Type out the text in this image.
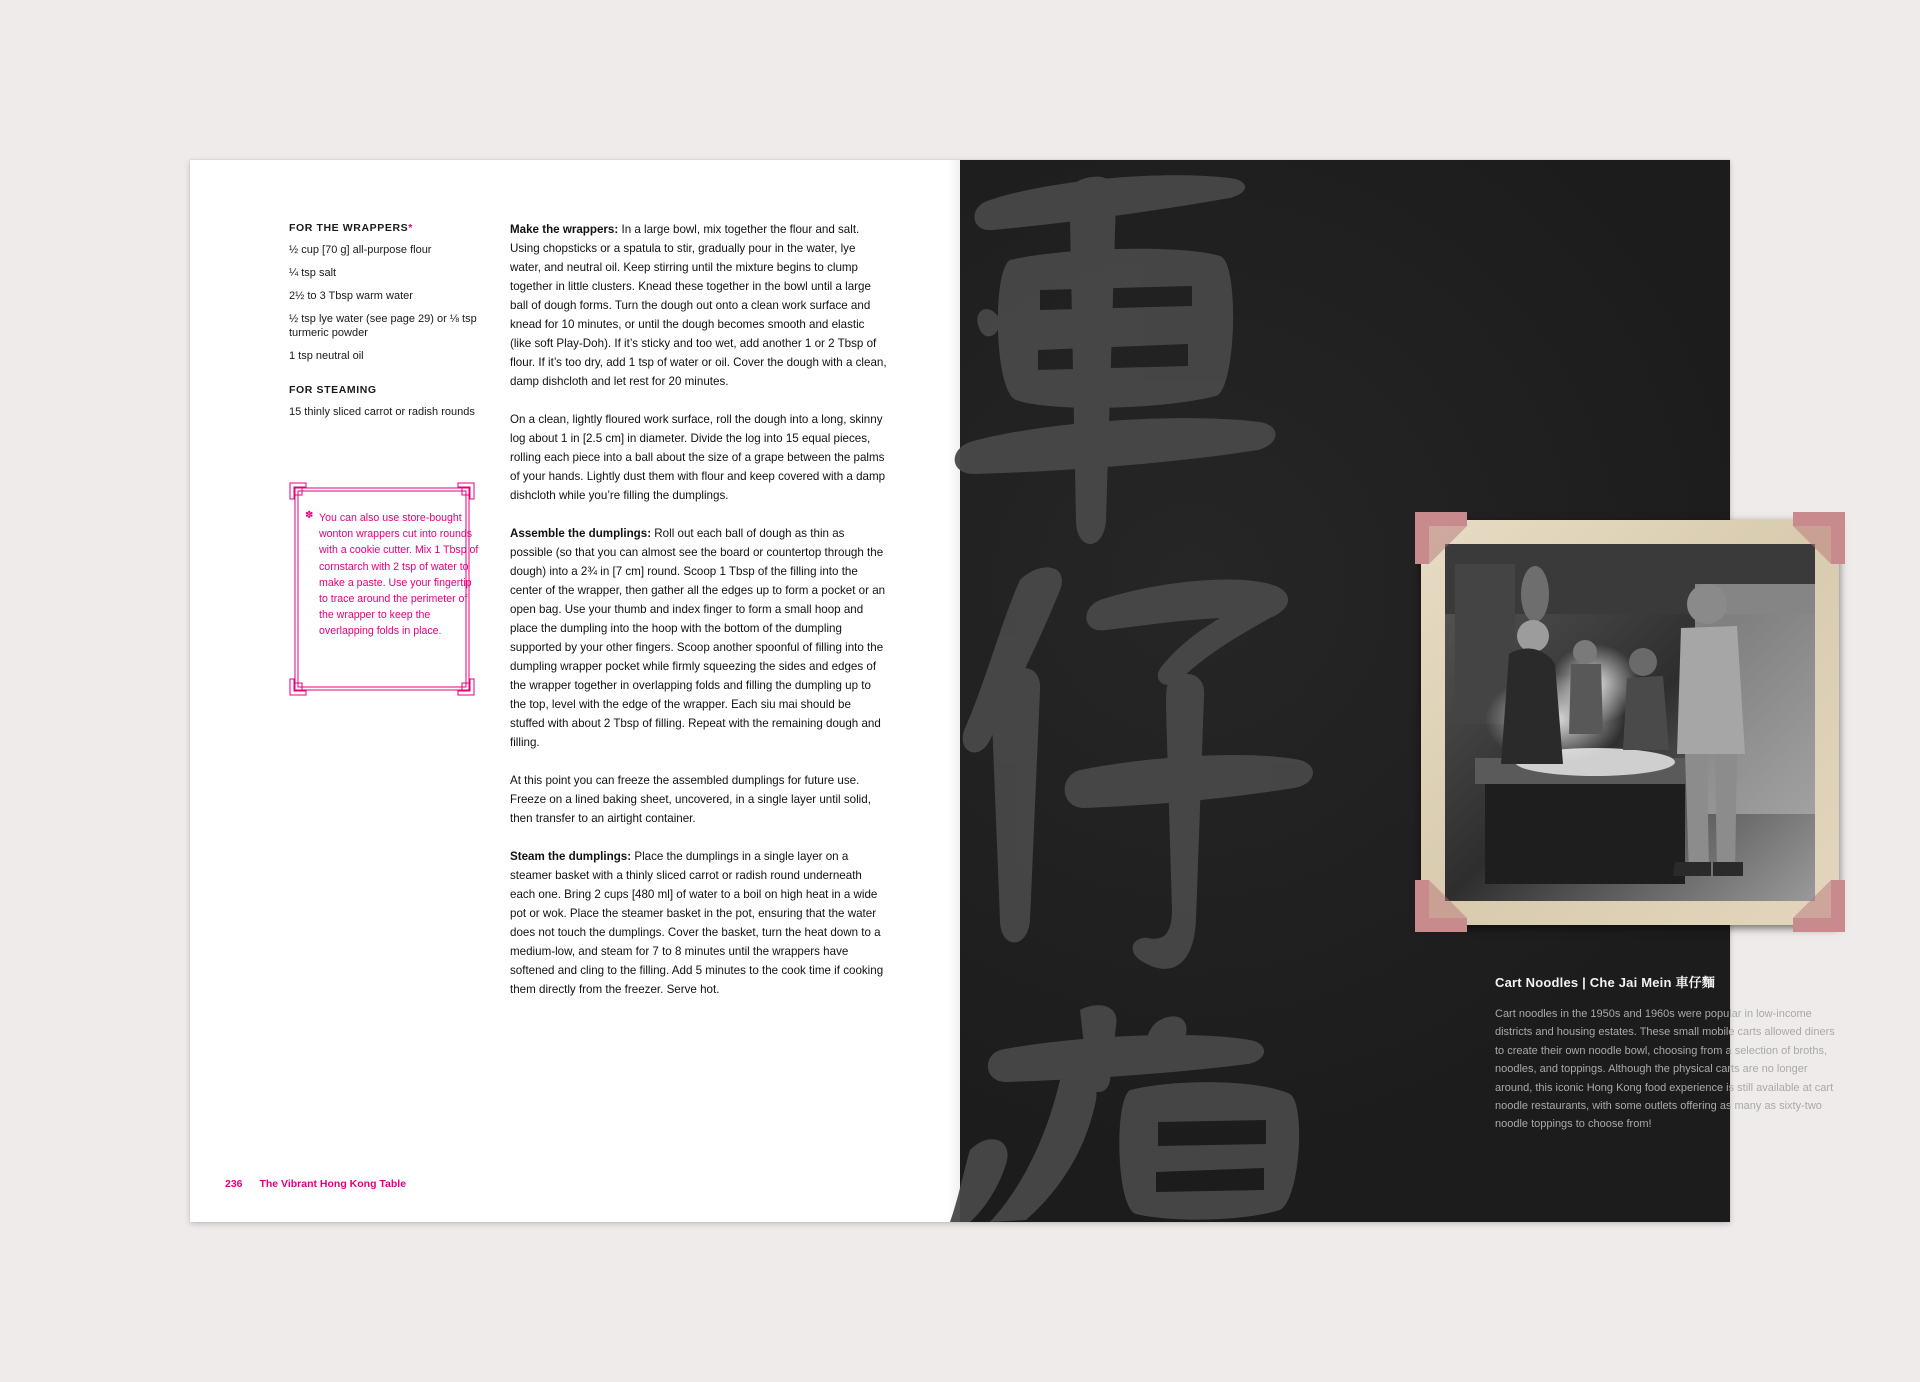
FOR THE WRAPPERS*
½ cup [70 g] all-purpose flour
¼ tsp salt
2½ to 3 Tbsp warm water
½ tsp lye water (see page 29) or ⅛ tsp turmeric powder
1 tsp neutral oil
FOR STEAMING
15 thinly sliced carrot or radish rounds
✽ You can also use store-bought wonton wrappers cut into rounds with a cookie cutter. Mix 1 Tbsp of cornstarch with 2 tsp of water to make a paste. Use your fingertip to trace around the perimeter of the wrapper to keep the overlapping folds in place.

Make the wrappers: In a large bowl, mix together the flour and salt. Using chopsticks or a spatula to stir, gradually pour in the water, lye water, and neutral oil. Keep stirring until the mixture begins to clump together in little clusters. Knead these together in the bowl until a large ball of dough forms. Turn the dough out onto a clean work surface and knead for 10 minutes, or until the dough becomes smooth and elastic (like soft Play-Doh). If it’s sticky and too wet, add another 1 or 2 Tbsp of flour. If it’s too dry, add 1 tsp of water or oil. Cover the dough with a clean, damp dishcloth and let rest for 20 minutes.

On a clean, lightly floured work surface, roll the dough into a long, skinny log about 1 in [2.5 cm] in diameter. Divide the log into 15 equal pieces, rolling each piece into a ball about the size of a grape between the palms of your hands. Lightly dust them with flour and keep covered with a damp dishcloth while you’re filling the dumplings.

Assemble the dumplings: Roll out each ball of dough as thin as possible (so that you can almost see the board or countertop through the dough) into a 2¾ in [7 cm] round. Scoop 1 Tbsp of the filling into the center of the wrapper, then gather all the edges up to form a pocket or an open bag. Use your thumb and index finger to form a small hoop and place the dumpling into the hoop with the bottom of the dumpling supported by your other fingers. Scoop another spoonful of filling into the dumpling wrapper pocket while firmly squeezing the sides and edges of the wrapper together in overlapping folds and filling the dumpling up to the top, level with the edge of the wrapper. Each siu mai should be stuffed with about 2 Tbsp of filling. Repeat with the remaining dough and filling.

At this point you can freeze the assembled dumplings for future use. Freeze on a lined baking sheet, uncovered, in a single layer until solid, then transfer to an airtight container.

Steam the dumplings: Place the dumplings in a single layer on a steamer basket with a thinly sliced carrot or radish round underneath each one. Bring 2 cups [480 ml] of water to a boil on high heat in a wide pot or wok. Place the steamer basket in the pot, ensuring that the water does not touch the dumplings. Cover the basket, turn the heat down to a medium-low, and steam for 7 to 8 minutes until the wrappers have softened and cling to the filling. Add 5 minutes to the cook time if cooking them directly from the freezer. Serve hot.

236 The Vibrant Hong Kong Table

Cart Noodles | Che Jai Mein 車仔麵

Cart noodles in the 1950s and 1960s were popular in low-income districts and housing estates. These small mobile carts allowed diners to create their own noodle bowl, choosing from a selection of broths, noodles, and toppings. Although the physical carts are no longer around, this iconic Hong Kong food experience is still available at cart noodle restaurants, with some outlets offering as many as sixty-two noodle toppings to choose from!
